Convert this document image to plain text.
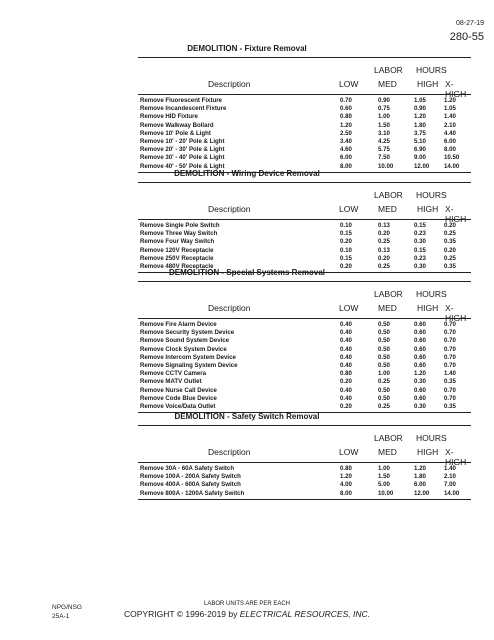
08-27-19
280-55
DEMOLITION - Fixture Removal
LABOR HOURS
Description	LOW MED HIGH X-HIGH
Remove Fluorescent Fixture	0.70	0.90	1.05	1.20
Remove Incandescent Fixture	0.60	0.75	0.90	1.05
Remove HID Fixture	0.80	1.00	1.20	1.40
Remove Walkway Bollard	1.20	1.50	1.80	2.10
Remove 10' Pole & Light	2.50	3.10	3.75	4.40
Remove 10' - 20' Pole & Light	3.40	4.25	5.10	6.00
Remove 20' - 30' Pole & Light	4.60	5.75	6.90	8.00
Remove 30' - 40' Pole & Light	6.00	7.50	9.00	10.50
Remove 40' - 50' Pole & Light	8.00	10.00	12.00 14.00
DEMOLITION - Wiring Device Removal
LABOR HOURS
Description	LOW MED HIGH X-HIGH
Remove Single Pole Switch	0.10	0.13	0.15	0.20
Remove Three Way Switch	0.15	0.20	0.23	0.25
Remove Four Way Switch	0.20	0.25	0.30	0.35
Remove 120V Receptacle	0.10	0.13	0.15	0.20
Remove 250V Receptacle	0.15	0.20	0.23	0.25
Remove 480V Receptacle	0.20	0.25	0.30	0.35
DEMOLITION - Special Systems Removal
LABOR HOURS
Description	LOW MED HIGH X-HIGH
Remove Fire Alarm Device	0.40	0.50	0.60	0.70
Remove Security System Device	0.40	0.50	0.60	0.70
Remove Sound System Device	0.40	0.50	0.60	0.70
Remove Clock System Device	0.40	0.50	0.60	0.70
Remove Intercom System Device	0.40	0.50	0.60	0.70
Remove Signaling System Device	0.40	0.50	0.60	0.70
Remove CCTV Camera	0.80	1.00	1.20	1.40
Remove MATV Outlet	0.20	0.25	0.30	0.35
Remove Nurse Call Device	0.40	0.50	0.60	0.70
Remove Code Blue Device	0.40	0.50	0.60	0.70
Remove Voice/Data Outlet	0.20	0.25	0.30	0.35
DEMOLITION - Safety Switch Removal
LABOR HOURS
Description	LOW MED HIGH X-HIGH
Remove 30A - 60A Safety Switch	0.80	1.00	1.20	1.40
Remove 100A - 200A Safety Switch	1.20	1.50	1.80	2.10
Remove 400A - 600A Safety Switch	4.00	5.00	6.00	7.00
Remove 800A - 1200A Safety Switch	8.00	10.00	12.00 14.00
NPG/NSG
25A-1
LABOR UNITS ARE PER EACH
COPYRIGHT © 1996-2019 by ELECTRICAL RESOURCES, INC.
